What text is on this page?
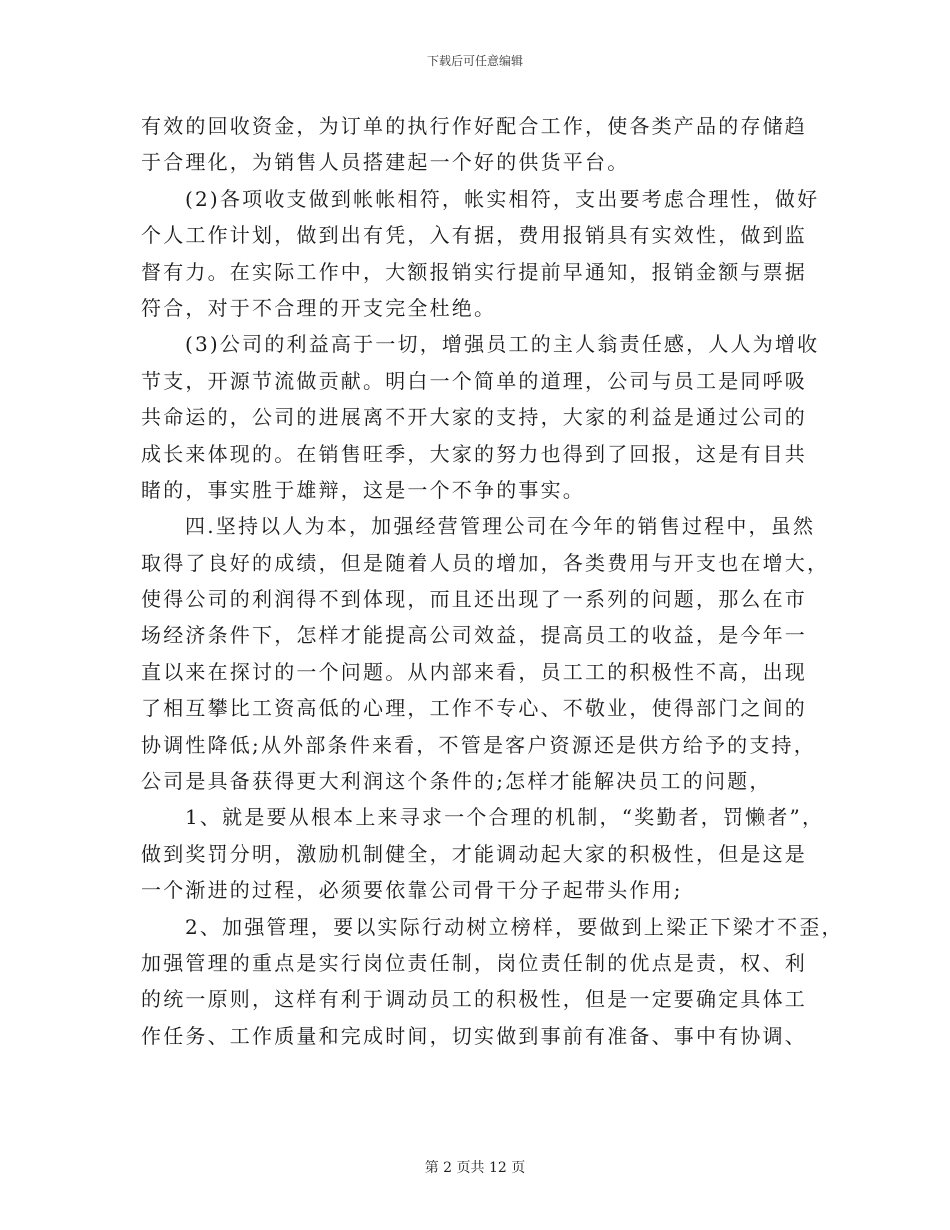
下载后可任意编辑
有效的回收资金，为订单的执行作好配合工作，使各类产品的存储趋
于合理化，为销售人员搭建起一个好的供货平台。
(2)各项收支做到帐帐相符，帐实相符，支出要考虑合理性，做好
个人工作计划，做到出有凭，入有据，费用报销具有实效性，做到监
督有力。在实际工作中，大额报销实行提前早通知，报销金额与票据
符合，对于不合理的开支完全杜绝。
(3)公司的利益高于一切，增强员工的主人翁责任感，人人为增收
节支，开源节流做贡献。明白一个简单的道理，公司与员工是同呼吸
共命运的，公司的进展离不开大家的支持，大家的利益是通过公司的
成长来体现的。在销售旺季，大家的努力也得到了回报，这是有目共
睹的，事实胜于雄辩，这是一个不争的事实。
四.坚持以人为本，加强经营管理公司在今年的销售过程中，虽然
取得了良好的成绩，但是随着人员的增加，各类费用与开支也在增大，
使得公司的利润得不到体现，而且还出现了一系列的问题，那么在市
场经济条件下，怎样才能提高公司效益，提高员工的收益，是今年一
直以来在探讨的一个问题。从内部来看，员工工的积极性不高，出现
了相互攀比工资高低的心理，工作不专心、不敬业，使得部门之间的
协调性降低;从外部条件来看，不管是客户资源还是供方给予的支持，
公司是具备获得更大利润这个条件的;怎样才能解决员工的问题，
1、就是要从根本上来寻求一个合理的机制，“奖勤者，罚懒者”，
做到奖罚分明，激励机制健全，才能调动起大家的积极性，但是这是
一个渐进的过程，必须要依靠公司骨干分子起带头作用;
2、加强管理，要以实际行动树立榜样，要做到上梁正下梁才不歪，
加强管理的重点是实行岗位责任制，岗位责任制的优点是责，权、利
的统一原则，这样有利于调动员工的积极性，但是一定要确定具体工
作任务、工作质量和完成时间，切实做到事前有准备、事中有协调、
第 2 页共 12 页
